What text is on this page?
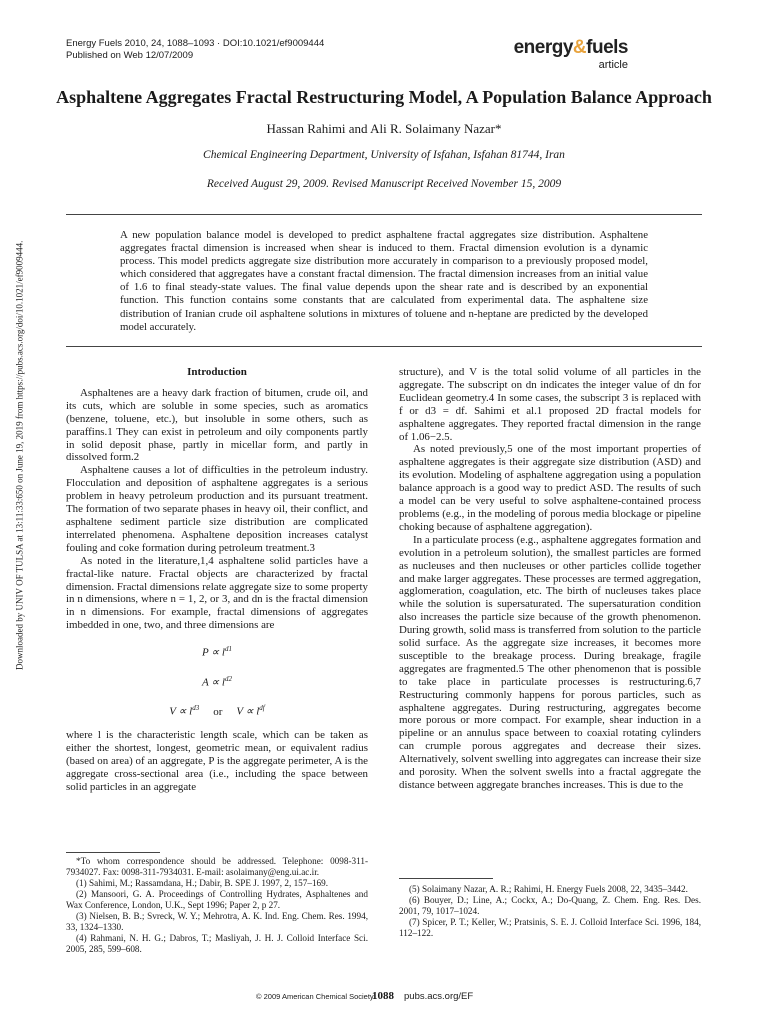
Energy Fuels 2010, 24, 1088–1093 · DOI:10.1021/ef9009444
Published on Web 12/07/2009	energy&fuels
article
Asphaltene Aggregates Fractal Restructuring Model, A Population Balance Approach
Hassan Rahimi and Ali R. Solaimany Nazar*
Chemical Engineering Department, University of Isfahan, Isfahan 81744, Iran
Received August 29, 2009. Revised Manuscript Received November 15, 2009
A new population balance model is developed to predict asphaltene fractal aggregates size distribution. Asphaltene aggregates fractal dimension is increased when shear is induced to them. Fractal dimension evolution is a dynamic process. This model predicts aggregate size distribution more accurately in comparison to a previously proposed model, which considered that aggregates have a constant fractal dimension. The fractal dimension increases from an initial value of 1.6 to final steady-state values. The final value depends upon the shear rate and is described by an exponential function. This function contains some constants that are calculated from experimental data. The asphaltene size distribution of Iranian crude oil asphaltene solutions in mixtures of toluene and n-heptane are predicted by the developed model accurately.
Downloaded by UNIV OF TULSA at 13:11:33:650 on June 19, 2019 from https://pubs.acs.org/doi/10.1021/ef9009444.	Introduction

Asphaltenes are a heavy dark fraction of bitumen, crude oil, and its cuts, which are soluble in some species, such as aromatics (benzene, toluene, etc.), but insoluble in some others, such as paraffins.1 They can exist in petroleum and oily components partly in solid deposit phase, partly in micellar form, and partly in dissolved form.2

Asphaltene causes a lot of difficulties in the petroleum industry. Flocculation and deposition of asphaltene aggregates is a serious problem in heavy petroleum production and its pursuant treatment. The formation of two separate phases in heavy oil, their conflict, and asphaltene sediment particle size distribution are complicated interrelated phenomena. Asphaltene deposition increases catalyst fouling and coke formation during petroleum treatment.3

As noted in the literature,1,4 asphaltene solid particles have a fractal-like nature. Fractal objects are characterized by fractal dimension. Fractal dimensions relate aggregate size to some property in n dimensions, where n = 1, 2, or 3, and dn is the fractal dimension in n dimensions. For example, fractal dimensions of aggregates imbedded in one, two, and three dimensions are

$P \propto l^{d1}$
$A \propto l^{d2}$
$V \propto l^{d3}$ or $V \propto l^{df}$

where l is the characteristic length scale, which can be taken as either the shortest, longest, geometric mean, or equivalent radius (based on area) of an aggregate, P is the aggregate perimeter, A is the aggregate cross-sectional area (i.e., including the space between solid particles in an aggregate

structure), and V is the total solid volume of all particles in the aggregate. The subscript on dn indicates the integer value of dn for Euclidean geometry.4 In some cases, the subscript 3 is replaced with f or d3 = df. Sahimi et al.1 proposed 2D fractal models for asphaltene aggregates. They reported fractal dimension in the range of 1.06−2.5.

As noted previously,5 one of the most important properties of asphaltene aggregates is their aggregate size distribution (ASD) and its evolution. Modeling of asphaltene aggregation using a population balance approach is a good way to predict ASD. The results of such a model can be very useful to solve asphaltene-contained process problems (e.g., in the modeling of porous media blockage or pipeline choking because of asphaltene aggregation).

In a particulate process (e.g., asphaltene aggregates formation and evolution in a petroleum solution), the smallest particles are formed as nucleuses and then nucleuses or other particles collide together and make larger aggregates. These processes are termed aggregation, agglomeration, coagulation, etc. The birth of nucleuses takes place while the solution is supersaturated. The supersaturation condition also increases the particle size because of the growth phenomenon. During growth, solid mass is transferred from solution to the particle solid surface. As the aggregate size increases, it becomes more susceptible to the breakage process. During breakage, fragile aggregates are fragmented.5 The other phenomenon that is possible to take place in particulate processes is restructuring.6,7 Restructuring commonly happens for porous particles, such as asphaltene aggregates. During restructuring, aggregates become more porous or more compact. For example, shear induction in a pipeline or an annulus space between to coaxial rotating cylinders can crumple porous aggregates and decrease their sizes. Alternatively, solvent swelling into aggregates can increase their size and porosity. When the solvent swells into a fractal aggregate the distance between aggregate branches increases. This is due to the

*To whom correspondence should be addressed. Telephone: 0098-311-7934027. Fax: 0098-311-7934031. E-mail: asolaimany@eng.ui.ac.ir.

(1) Sahimi, M.; Rassamdana, H.; Dabir, B. SPE J. 1997, 2, 157–169.

(2) Mansoori, G. A. Proceedings of Controlling Hydrates, Asphaltenes and Wax Conference, London, U.K., Sept 1996; Paper 2, p 27.

(3) Nielsen, B. B.; Svreck, W. Y.; Mehrotra, A. K. Ind. Eng. Chem. Res. 1994, 33, 1324–1330.

(4) Rahmani, N. H. G.; Dabros, T.; Masliyah, J. H. J. Colloid Interface Sci. 2005, 285, 599–608.

(5) Solaimany Nazar, A. R.; Rahimi, H. Energy Fuels 2008, 22, 3435–3442.

(6) Bouyer, D.; Line, A.; Cockx, A.; Do-Quang, Z. Chem. Eng. Res. Des. 2001, 79, 1017–1024.

(7) Spicer, P. T.; Keller, W.; Pratsinis, S. E. J. Colloid Interface Sci. 1996, 184, 112–122.

© 2009 American Chemical Society
1088 pubs.acs.org/EF
